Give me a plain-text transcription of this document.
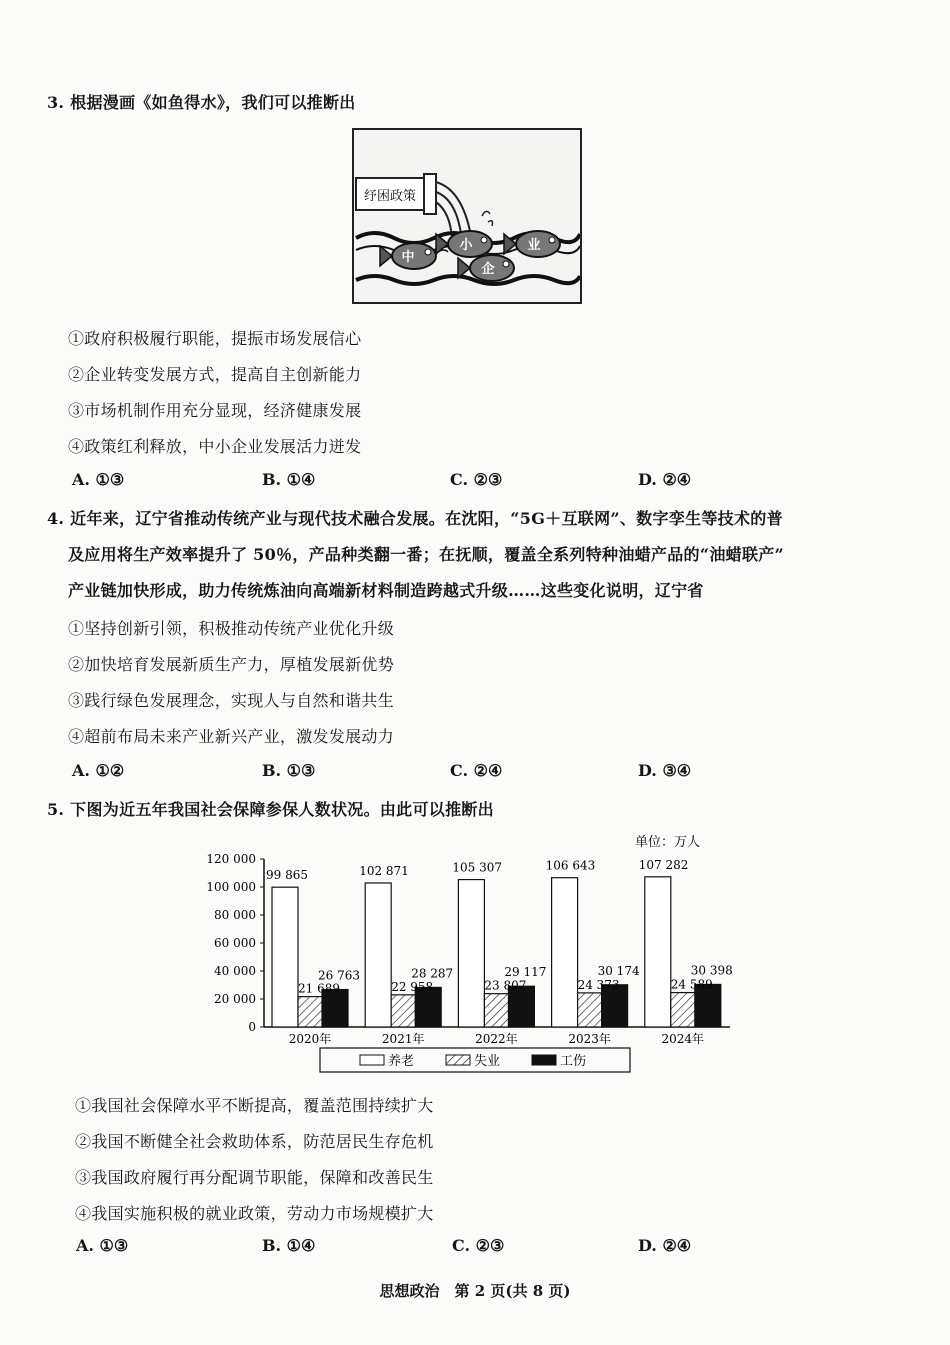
3. 根据漫画《如鱼得水》，我们可以推断出
纾困政策
中
小
企
业
①政府积极履行职能，提振市场发展信心
②企业转变发展方式，提高自主创新能力
③市场机制作用充分显现，经济健康发展
④政策红利释放，中小企业发展活力迸发
A. ①③	B. ①④	C. ②③	D. ②④
4. 近年来，辽宁省推动传统产业与现代技术融合发展。在沈阳，“5G＋互联网”、数字孪生等技术的普
及应用将生产效率提升了 50％，产品种类翻一番；在抚顺，覆盖全系列特种油蜡产品的“油蜡联产”
产业链加快形成，助力传统炼油向高端新材料制造跨越式升级……这些变化说明，辽宁省
①坚持创新引领，积极推动传统产业优化升级
②加快培育发展新质生产力，厚植发展新优势
③践行绿色发展理念，实现人与自然和谐共生
④超前布局未来产业新兴产业，激发发展动力
A. ①②	B. ①③	C. ②④	D. ③④
5. 下图为近五年我国社会保障参保人数状况。由此可以推断出
0
20 000
40 000
60 000
80 000
100 000
120 000
单位：万人
99 865
21 689
26 763
2020年
102 871
22 958
28 287
2021年
105 307
23 807
29 117
2022年
106 643
24 373
30 174
2023年
107 282
24 589
30 398
2024年
养老	失业	工伤
①我国社会保障水平不断提高，覆盖范围持续扩大
②我国不断健全社会救助体系，防范居民生存危机
③我国政府履行再分配调节职能，保障和改善民生
④我国实施积极的就业政策，劳动力市场规模扩大
A. ①③	B. ①④	C. ②③	D. ②④
思想政治　第 2 页(共 8 页)
